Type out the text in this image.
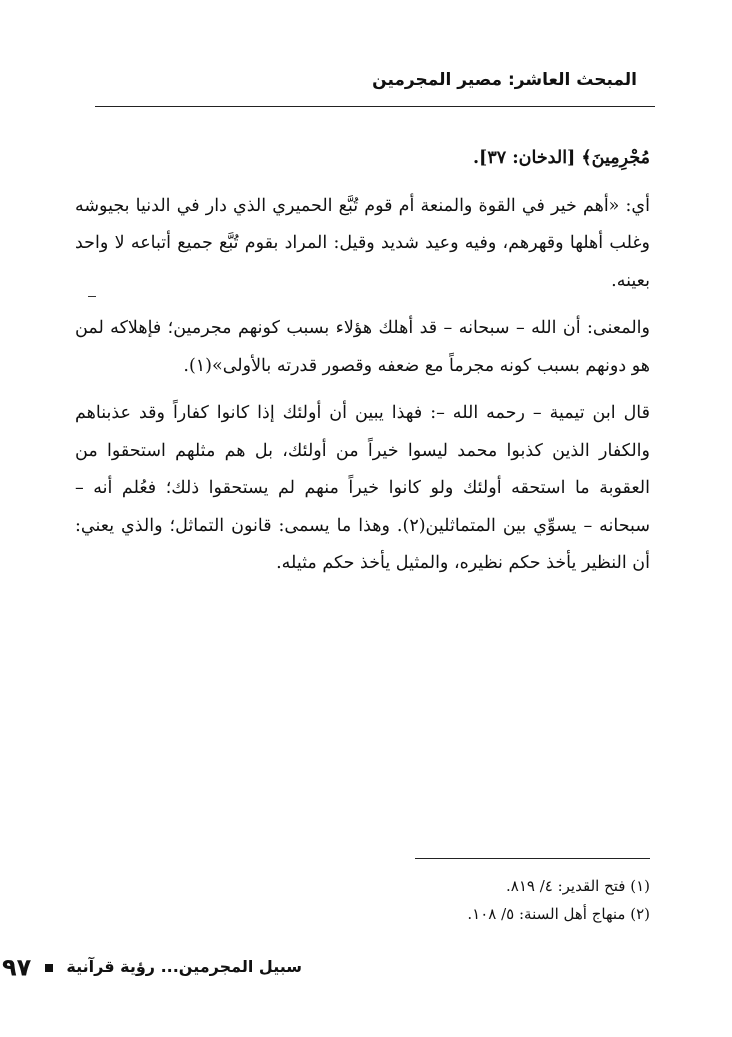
المبحث العاشر: مصير المجرمين

مُجْرِمِينَ﴾ [الدخان: ٣٧].

أي: «أهم خير في القوة والمنعة أم قوم تُبَّع الحميري الذي دار في الدنيا بجيوشه وغلب أهلها وقهرهم، وفيه وعيد شديد وقيل: المراد بقوم تُبَّع جميع أتباعه لا واحد بعينه.

والمعنى: أن الله – سبحانه – قد أهلك هؤلاء بسبب كونهم مجرمين؛ فإهلاكه لمن هو دونهم بسبب كونه مجرماً مع ضعفه وقصور قدرته بالأولى»(١).

قال ابن تيمية – رحمه الله –: فهذا يبين أن أولئك إذا كانوا كفاراً وقد عذبناهم والكفار الذين كذبوا محمد ليسوا خيراً من أولئك، بل هم مثلهم استحقوا من العقوبة ما استحقه أولئك ولو كانوا خيراً منهم لم يستحقوا ذلك؛ فعُلم أنه – سبحانه – يسوِّي بين المتماثلين(٢). وهذا ما يسمى: قانون التماثل؛ والذي يعني: أن النظير يأخذ حكم نظيره، والمثيل يأخذ حكم مثيله.

(١) فتح القدير: ٤/ ٨١٩.
(٢) منهاج أهل السنة: ٥/ ١٠٨.
سبيل المجرمين... رؤية قرآنية  ٩٧
